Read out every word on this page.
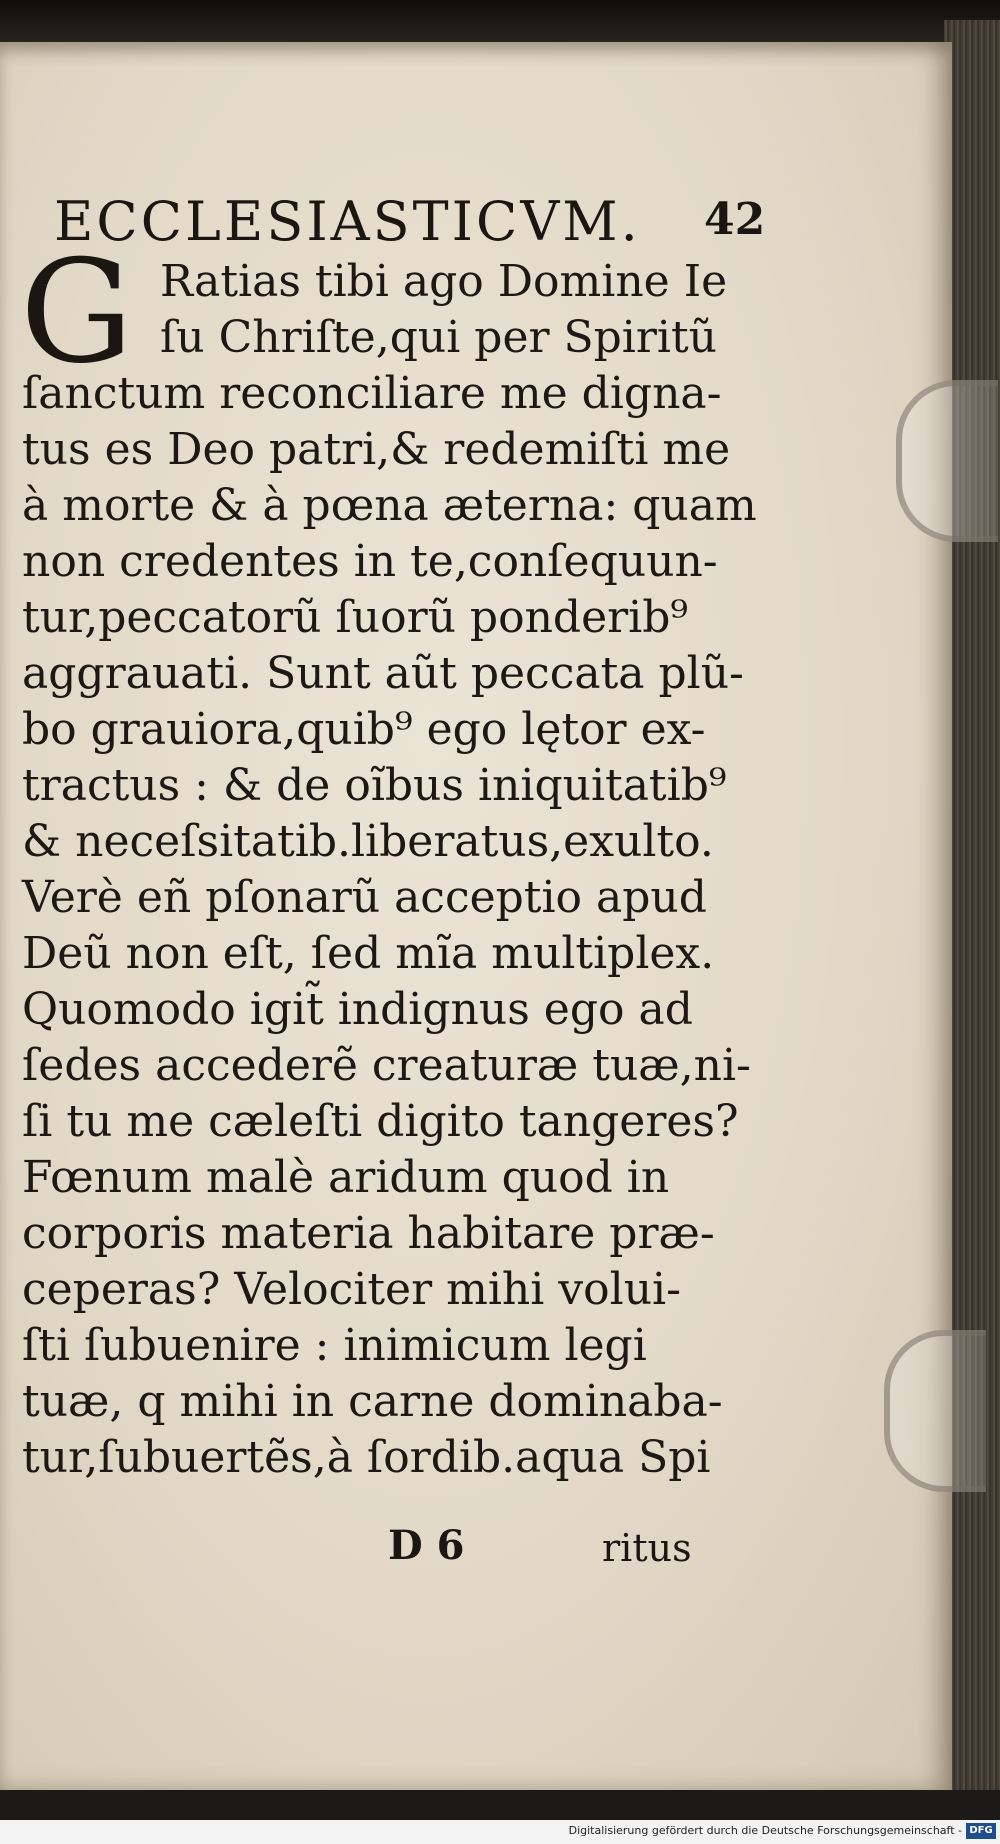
ECCLESIASTICVM. 42
G Ratias tibi ago Domine Ie
ſu Chriſte,qui per Spiritũ
ſanctum reconciliare me digna-
tus es Deo patri,& redemiſti me
à morte & à pœna æterna: quam
non credentes in te,conſequun-
tur,peccatorũ ſuorũ ponderib⁹
aggrauati. Sunt aũt peccata plũ-
bo grauiora,quib⁹ ego lętor ex-
tractus : & de oĩbus iniquitatib⁹
& neceſsitatib.liberatus,exulto.
Verè eñ pſonarũ acceptio apud
Deũ non eſt, ſed mĩa multiplex.
Quomodo igit̃ indignus ego ad
ſedes accederẽ creaturæ tuæ,ni-
ſi tu me cæleſti digito tangeres?
Fœnum malè aridum quod in
corporis materia habitare præ-
ceperas? Velociter mihi volui-
ſti ſubuenire : inimicum legi
tuæ, q mihi in carne dominaba-
tur,ſubuertẽs,à ſordib.aqua Spi
D 6	ritus
Digitalisierung gefördert durch die Deutsche Forschungsgemeinschaft - DFG
